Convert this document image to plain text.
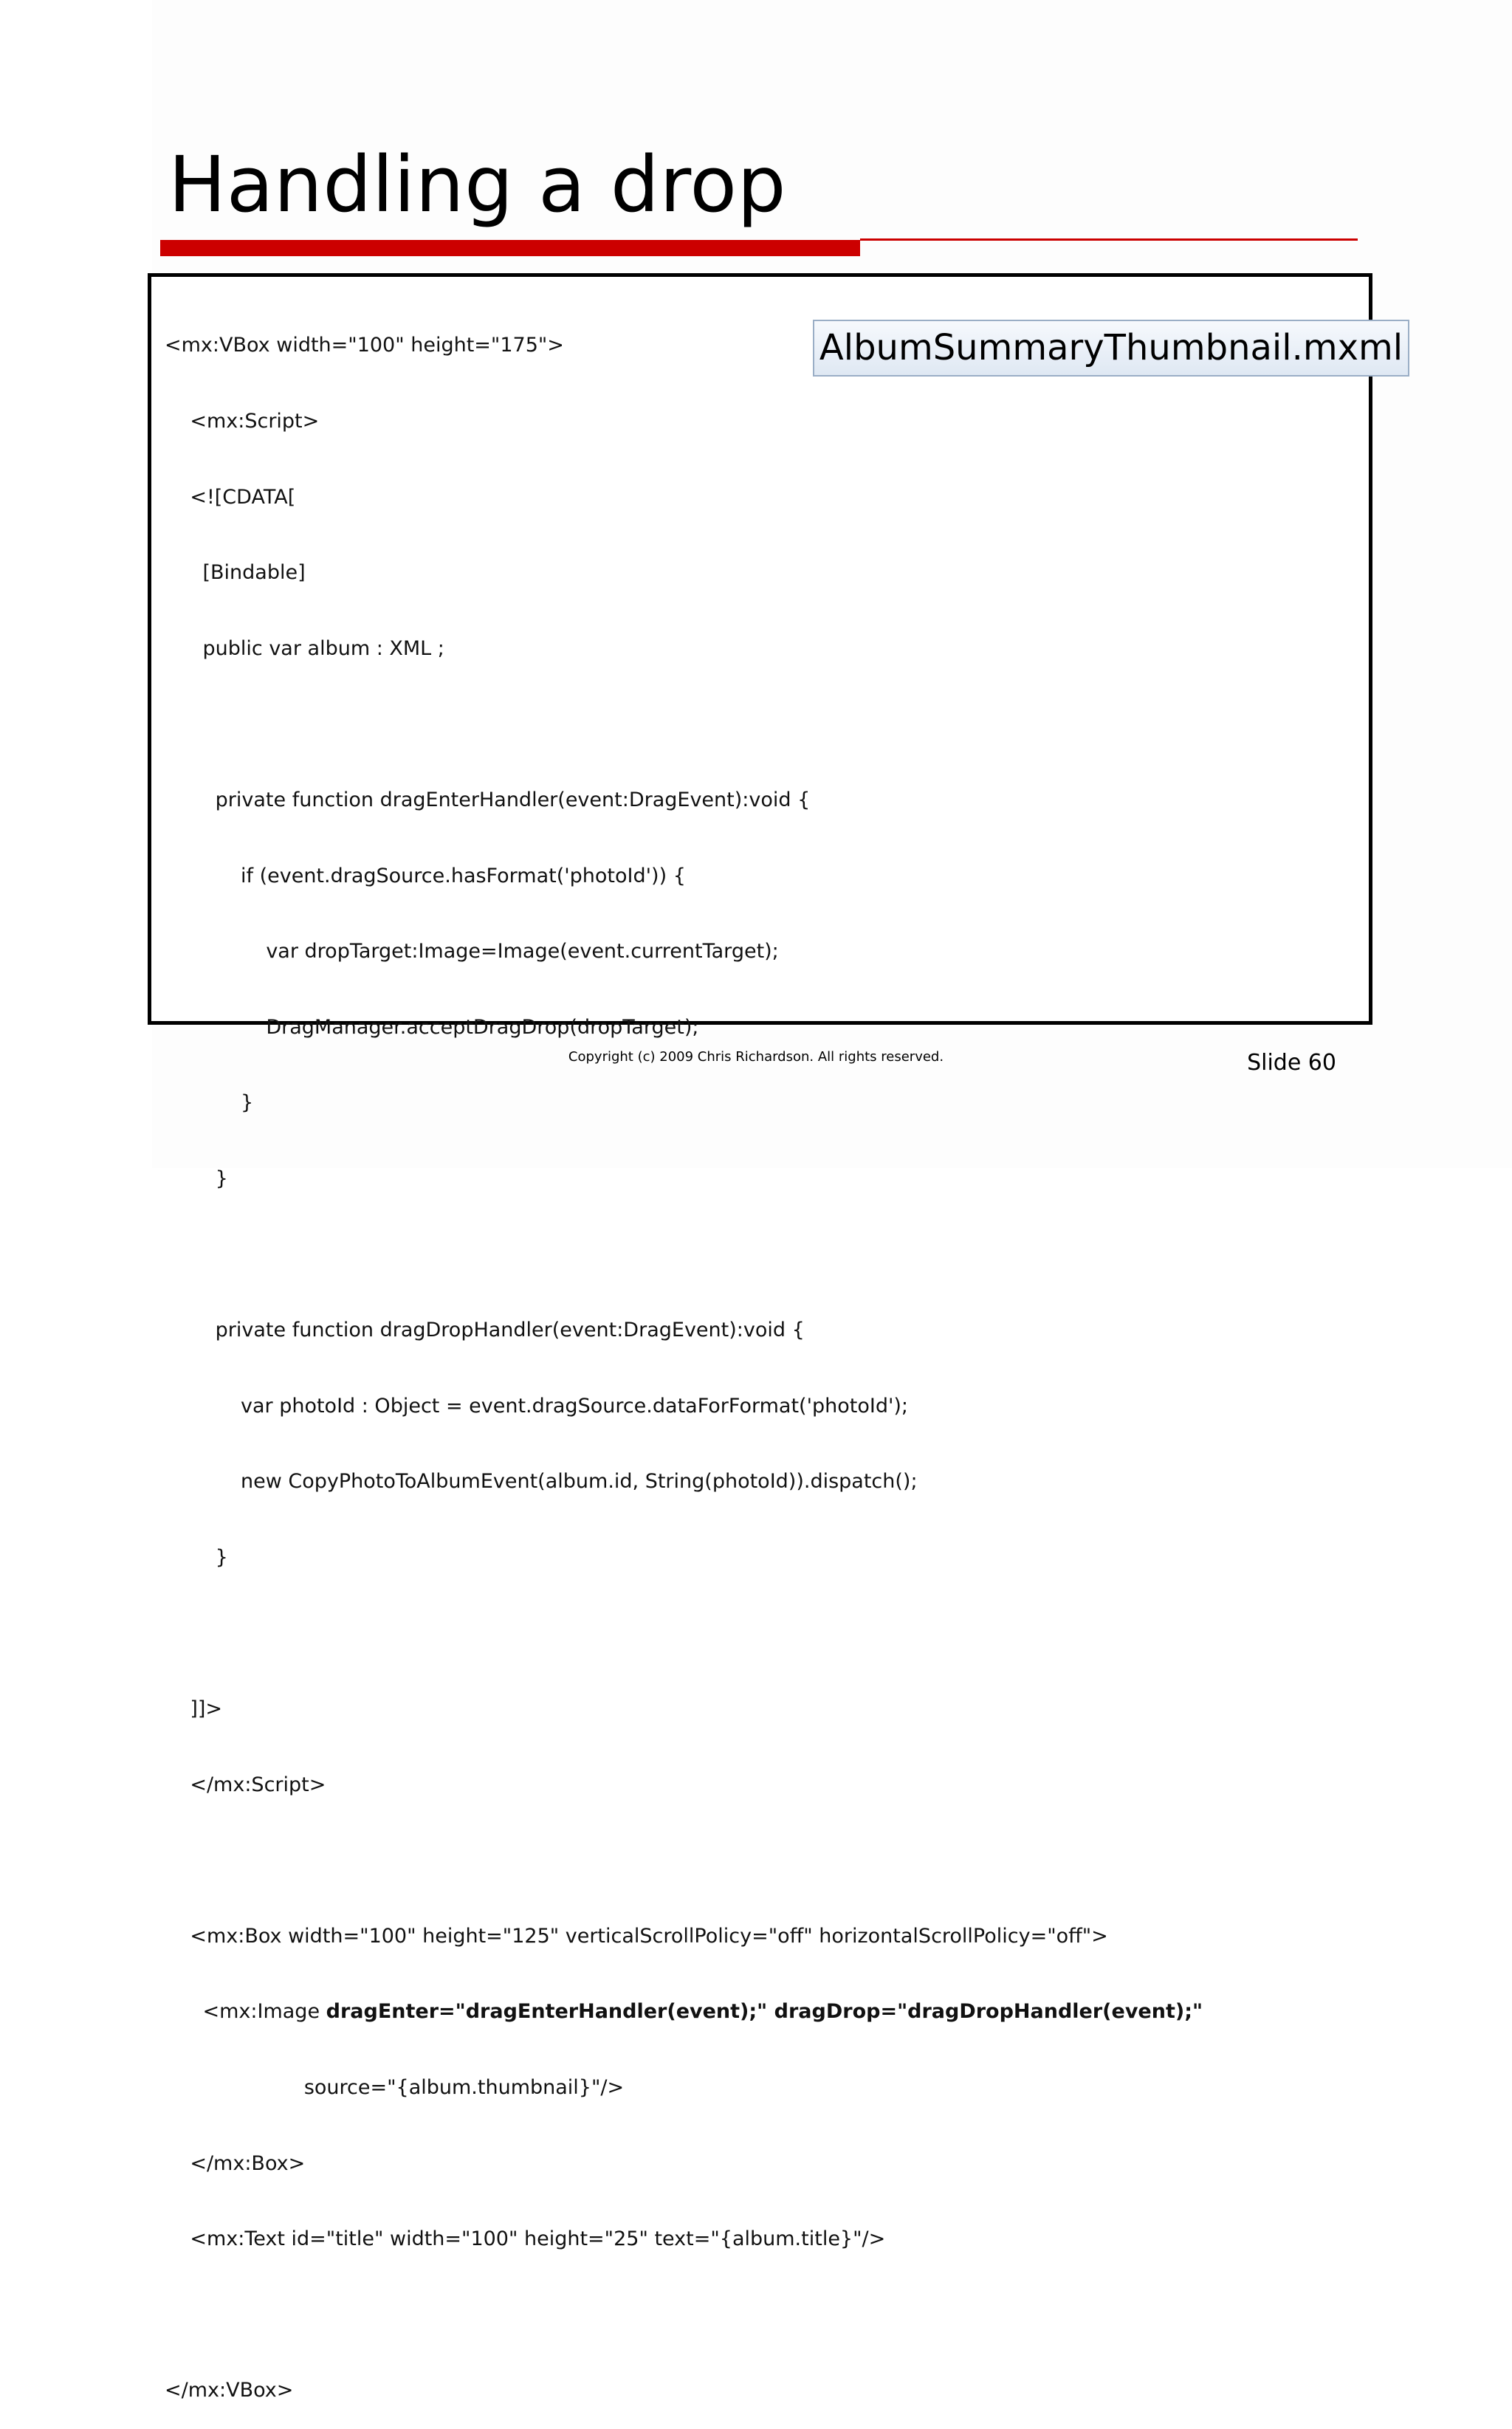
Handling a drop

<mx:VBox width="100" height="175">

<mx:Script>

<![CDATA[

[Bindable]

public var album : XML ;

private function dragEnterHandler(event:DragEvent):void {

if (event.dragSource.hasFormat('photoId')) {

var dropTarget:Image=Image(event.currentTarget);

DragManager.acceptDragDrop(dropTarget);

}

}

private function dragDropHandler(event:DragEvent):void {

var photoId : Object = event.dragSource.dataForFormat('photoId');

new CopyPhotoToAlbumEvent(album.id, String(photoId)).dispatch();

}

]]>

</mx:Script>

<mx:Box width="100" height="125" verticalScrollPolicy="off" horizontalScrollPolicy="off">

<mx:Image dragEnter="dragEnterHandler(event);" dragDrop="dragDropHandler(event);"

source="{album.thumbnail}"/>

</mx:Box>

<mx:Text id="title" width="100" height="25" text="{album.title}"/>

</mx:VBox>

AlbumSummaryThumbnail.mxml
Copyright (c) 2009 Chris Richardson. All rights reserved.	Slide 60
